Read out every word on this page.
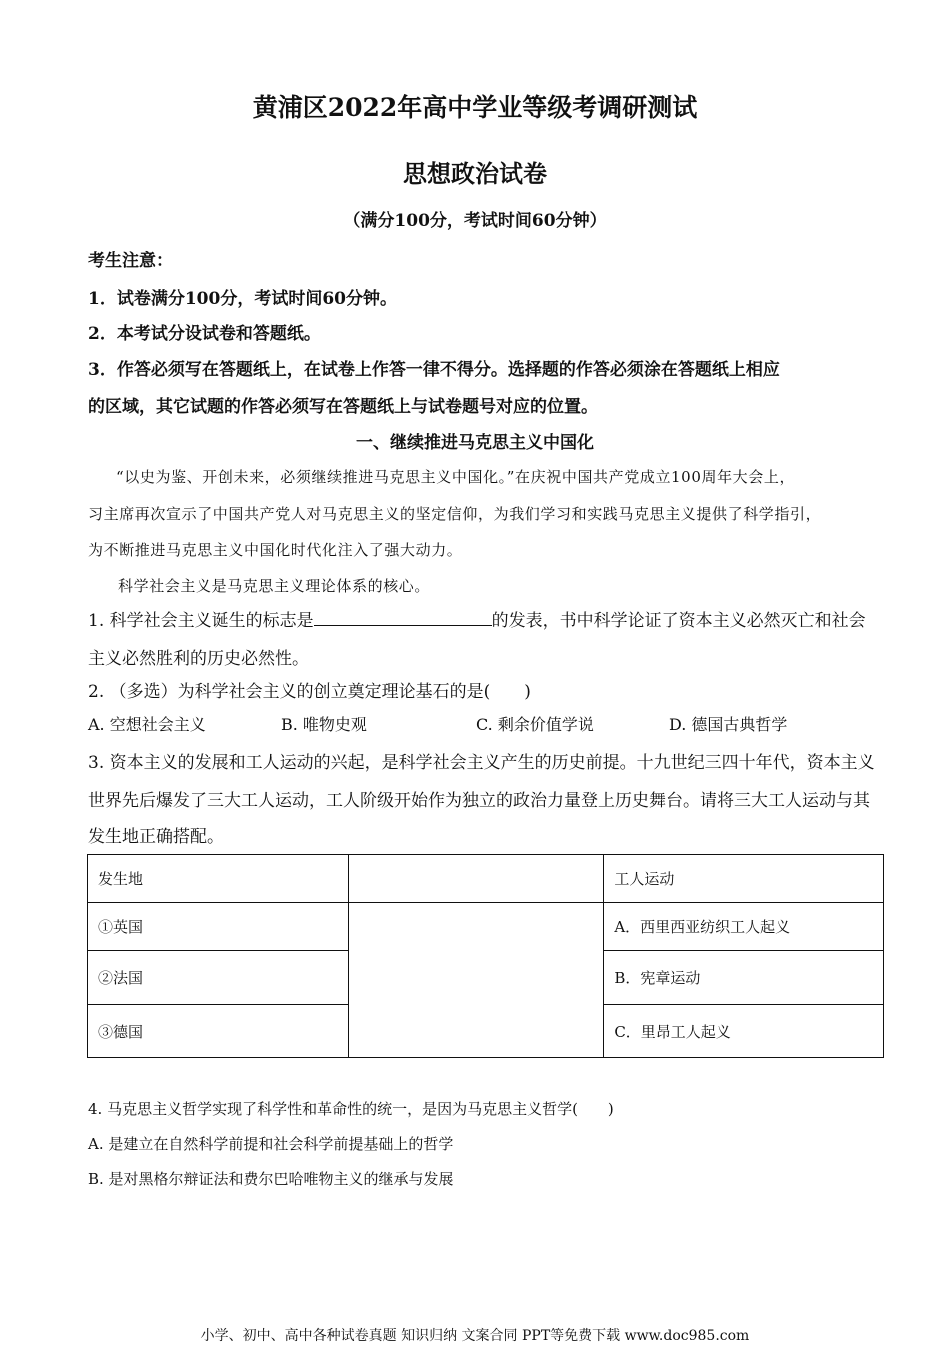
黄浦区2022年高中学业等级考调研测试
思想政治试卷
（满分100分，考试时间60分钟）
考生注意：
1．试卷满分100分，考试时间60分钟。
2．本考试分设试卷和答题纸。
3．作答必须写在答题纸上，在试卷上作答一律不得分。选择题的作答必须涂在答题纸上相应
的区域，其它试题的作答必须写在答题纸上与试卷题号对应的位置。
一、继续推进马克思主义中国化
“以史为鉴、开创未来，必须继续推进马克思主义中国化。”在庆祝中国共产党成立100周年大会上，
习主席再次宣示了中国共产党人对马克思主义的坚定信仰，为我们学习和实践马克思主义提供了科学指引，
为不断推进马克思主义中国化时代化注入了强大动力。
科学社会主义是马克思主义理论体系的核心。
1. 科学社会主义诞生的标志是	的发表，书中科学论证了资本主义必然灭亡和社会
主义必然胜利的历史必然性。
2. （多选）为科学社会主义的创立奠定理论基石的是(　　)
A. 空想社会主义	B. 唯物史观	C. 剩余价值学说	D. 德国古典哲学
3. 资本主义的发展和工人运动的兴起，是科学社会主义产生的历史前提。十九世纪三四十年代，资本主义
世界先后爆发了三大工人运动，工人阶级开始作为独立的政治力量登上历史舞台。请将三大工人运动与其
发生地正确搭配。
发生地		工人运动
①英国		A．西里西亚纺织工人起义
②法国		B．宪章运动
③德国		C．里昂工人起义
4. 马克思主义哲学实现了科学性和革命性的统一，是因为马克思主义哲学(　　)
A. 是建立在自然科学前提和社会科学前提基础上的哲学
B. 是对黑格尔辩证法和费尔巴哈唯物主义的继承与发展
小学、初中、高中各种试卷真题 知识归纳 文案合同 PPT等免费下载 www.doc985.com
